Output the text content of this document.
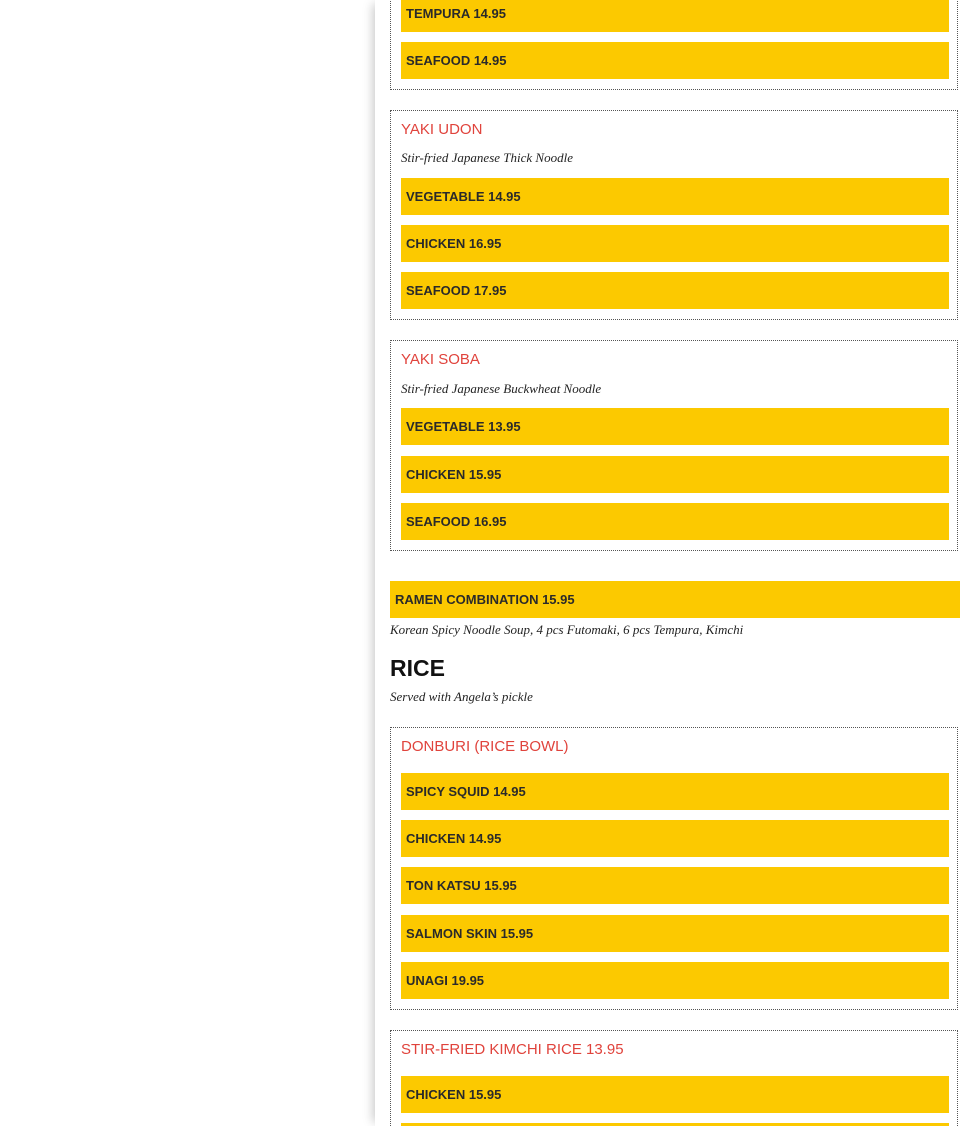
TEMPURA 14.95
SEAFOOD 14.95
YAKI UDON
Stir-fried Japanese Thick Noodle
VEGETABLE 14.95
CHICKEN 16.95
SEAFOOD 17.95
YAKI SOBA
Stir-fried Japanese Buckwheat Noodle
VEGETABLE 13.95
CHICKEN 15.95
SEAFOOD 16.95
RAMEN COMBINATION 15.95
Korean Spicy Noodle Soup, 4 pcs Futomaki, 6 pcs Tempura, Kimchi
RICE
Served with Angela’s pickle
DONBURI (RICE BOWL)
SPICY SQUID 14.95
CHICKEN 14.95
TON KATSU 15.95
SALMON SKIN 15.95
UNAGI 19.95
STIR-FRIED KIMCHI RICE 13.95
CHICKEN 15.95
